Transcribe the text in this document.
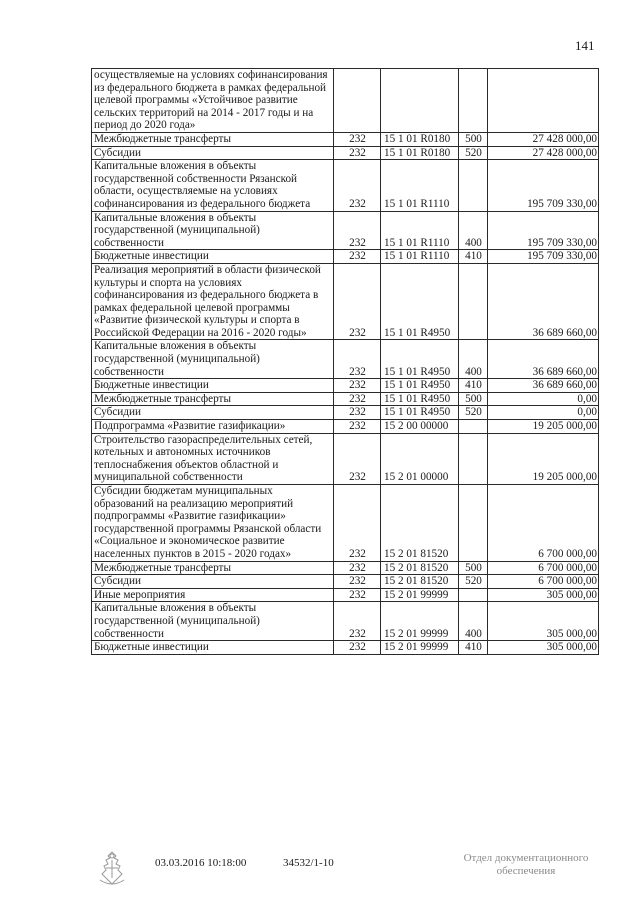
141
осуществляемые на условиях софинансирования из федерального бюджета в рамках федеральной целевой программы «Устойчивое развитие сельских территорий на 2014 - 2017 годы и на период до 2020 года»				
Межбюджетные трансферты	232	15 1 01 R0180	500	27 428 000,00
Субсидии	232	15 1 01 R0180	520	27 428 000,00
Капитальные вложения в объекты государственной собственности Рязанской области, осуществляемые на условиях софинансирования из федерального бюджета	232	15 1 01 R1110		195 709 330,00
Капитальные вложения в объекты государственной (муниципальной) собственности	232	15 1 01 R1110	400	195 709 330,00
Бюджетные инвестиции	232	15 1 01 R1110	410	195 709 330,00
Реализация мероприятий в области физической культуры и спорта на условиях софинансирования из федерального бюджета в рамках федеральной целевой программы «Развитие физической культуры и спорта в Российской Федерации на 2016 - 2020 годы»	232	15 1 01 R4950		36 689 660,00
Капитальные вложения в объекты государственной (муниципальной) собственности	232	15 1 01 R4950	400	36 689 660,00
Бюджетные инвестиции	232	15 1 01 R4950	410	36 689 660,00
Межбюджетные трансферты	232	15 1 01 R4950	500	0,00
Субсидии	232	15 1 01 R4950	520	0,00
Подпрограмма «Развитие газификации»	232	15 2 00 00000		19 205 000,00
Строительство газораспределительных сетей, котельных и автономных источников теплоснабжения объектов областной и муниципальной собственности	232	15 2 01 00000		19 205 000,00
Субсидии бюджетам муниципальных образований на реализацию мероприятий подпрограммы «Развитие газификации» государственной программы Рязанской области «Социальное и экономическое развитие населенных пунктов в 2015 - 2020 годах»	232	15 2 01 81520		6 700 000,00
Межбюджетные трансферты	232	15 2 01 81520	500	6 700 000,00
Субсидии	232	15 2 01 81520	520	6 700 000,00
Иные мероприятия	232	15 2 01 99999		305 000,00
Капитальные вложения в объекты государственной (муниципальной) собственности	232	15 2 01 99999	400	305 000,00
Бюджетные инвестиции	232	15 2 01 99999	410	305 000,00
03.03.2016 10:18:00	34532/1-10	Отдел документационного
обеспечения
